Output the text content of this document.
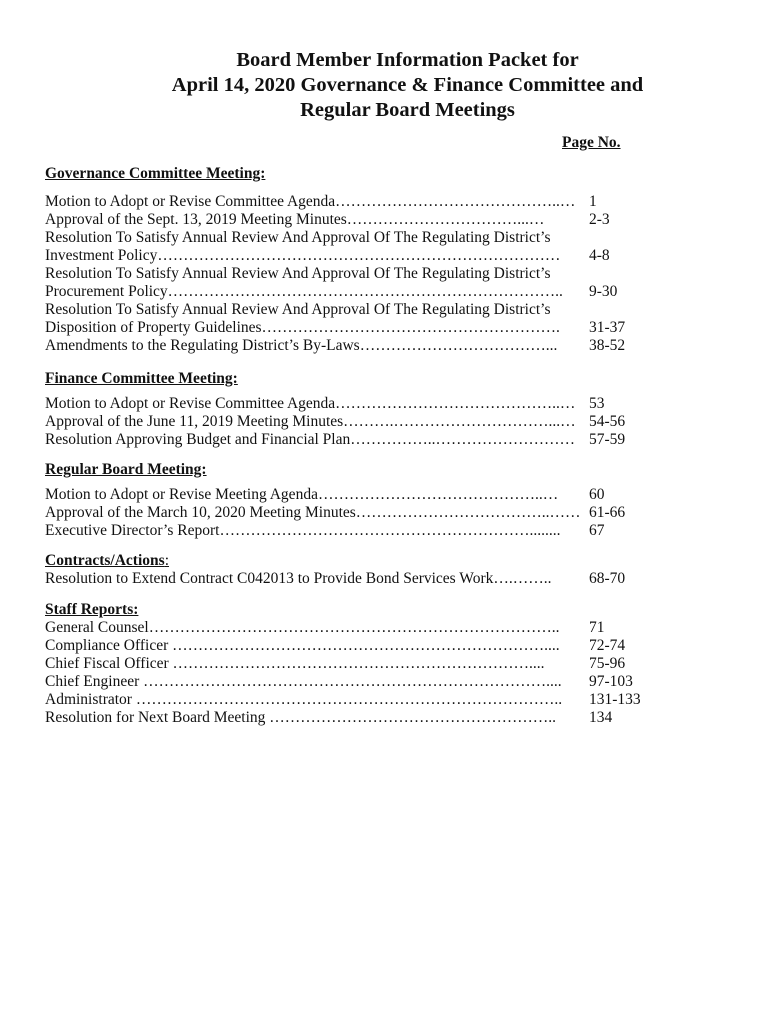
Board Member Information Packet for
April 14, 2020 Governance & Finance Committee and
Regular Board Meetings
Page No.
Governance Committee Meeting:
Motion to Adopt or Revise Committee Agenda……………………………………..… 1
Approval of the Sept. 13, 2019 Meeting Minutes……………………………...…	2-3
Resolution To Satisfy Annual Review And Approval Of The Regulating District’s
Investment Policy…………………………………………………………………… 4-8
Resolution To Satisfy Annual Review And Approval Of The Regulating District’s
Procurement Policy………………………………………………………………….. 9-30
Resolution To Satisfy Annual Review And Approval Of The Regulating District’s
Disposition of Property Guidelines…………………………………………………. 31-37
Amendments to the Regulating District’s By-Laws………………………………... 38-52
Finance Committee Meeting:
Motion to Adopt or Revise Committee Agenda……………………………………..… 53
Approval of the June 11, 2019 Meeting Minutes……….…………………………...… 54-56
Resolution Approving Budget and Financial Plan……………..……………………… 57-59
Regular Board Meeting:
Motion to Adopt or Revise Meeting Agenda……………………………………..… 60
Approval of the March 10, 2020 Meeting Minutes………………………………..…… 61-66
Executive Director’s Report……………………………………………………........ 67
Contracts/Actions:
Resolution to Extend Contract C042013 to Provide Bond Services Work….…….. 68-70
Staff Reports:
General Counsel…………………………………………………………………….. 71
Compliance Officer ……………………………………………………………….... 72-74
Chief Fiscal Officer ……………………………………………………………....	75-96
Chief Engineer …………………………………………………………………….... 97-103
Administrator ……………………………………………………………………….. 131-133
Resolution for Next Board Meeting ……………………………………………….. 134
